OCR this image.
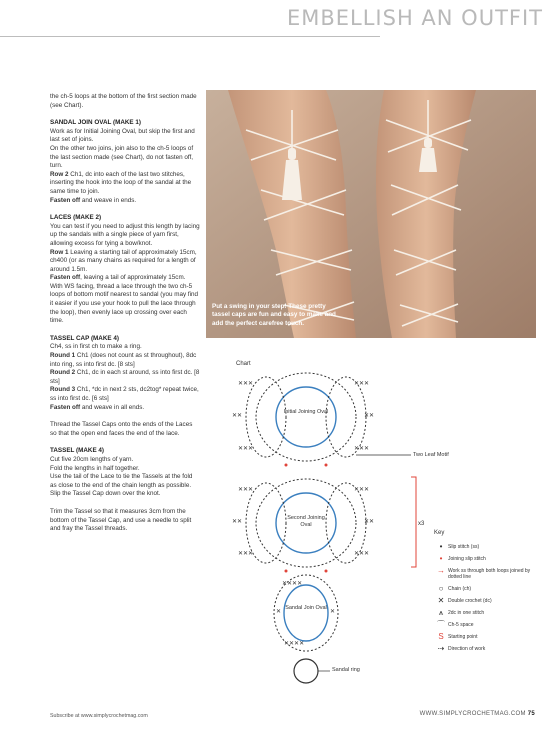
EMBELLISH AN OUTFIT

the ch-5 loops at the bottom of the first section made (see Chart).

SANDAL JOIN OVAL (MAKE 1)

Work as for Initial Joining Oval, but skip the first and last set of joins.

On the other two joins, join also to the ch-5 loops of the last section made (see Chart), do not fasten off, turn.

Row 2 Ch1, dc into each of the last two stitches, inserting the hook into the loop of the sandal at the same time to join.

Fasten off and weave in ends.

LACES (MAKE 2)

You can test if you need to adjust this length by lacing up the sandals with a single piece of yarn first, allowing excess for tying a bow/knot.

Row 1 Leaving a starting tail of approximately 15cm, ch400 (or as many chains as required for a length of around 1.5m.

Fasten off, leaving a tail of approximately 15cm.

With WS facing, thread a lace through the two ch-5 loops of bottom motif nearest to sandal (you may find it easier if you use your hook to pull the lace through the loop), then evenly lace up crossing over each time.

TASSEL CAP (MAKE 4)

Ch4, ss in first ch to make a ring.

Round 1 Ch1 (does not count as st throughout), 8dc into ring, ss into first dc. [8 sts]

Round 2 Ch1, dc in each st around, ss into first dc. [8 sts]

Round 3 Ch1, *dc in next 2 sts, dc2tog* repeat twice, ss into first dc. [6 sts]

Fasten off and weave in all ends.

Thread the Tassel Caps onto the ends of the Laces so that the open end faces the end of the lace.

TASSEL (MAKE 4)

Cut five 20cm lengths of yarn.

Fold the lengths in half together.

Use the tail of the Lace to tie the Tassels at the fold as close to the end of the chain length as possible.

Slip the Tassel Cap down over the knot.

Trim the Tassel so that it measures 3cm from the bottom of the Tassel Cap, and use a needle to split and fray the Tassel threads.

Put a swing in your step! These pretty tassel caps are fun and easy to make and add the perfect carefree touch.
Chart
✕✕✕	✕✕✕
✕✕	✕✕
✕✕✕	✕✕✕
✕✕✕	✕✕✕
✕✕	✕✕
✕✕✕	✕✕✕
✕✕✕✕
✕	✕
✕✕✕✕
Initial Joining Oval
Second Joining Oval
Sandal Join Oval
Two Leaf Motif
Sandal ring
x3
Key
•	Slip stitch (ss)
•	Joining slip stitch
→ Work ss through both loops joined by dotted line
○ Chain (ch)
✕ Double crochet (dc)
⩚ 2dc in one stitch
⌒ Ch-5 space
S Starting point
⇢ Direction of work
Subscribe at www.simplycrochetmag.com	WWW.SIMPLYCROCHETMAG.COM 75
